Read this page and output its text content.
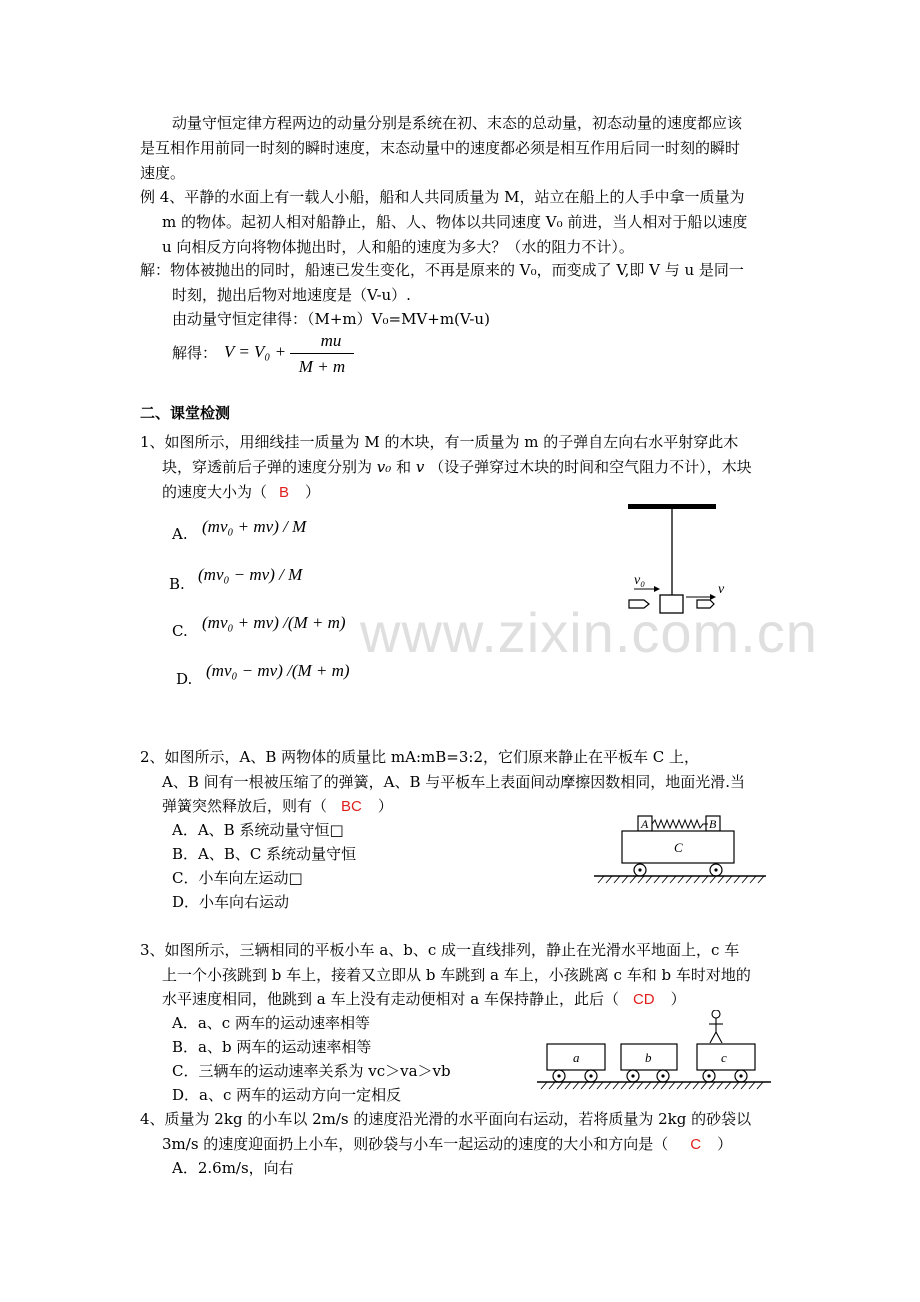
动量守恒定律方程两边的动量分别是系统在初、末态的总动量，初态动量的速度都应该
是互相作用前同一时刻的瞬时速度，末态动量中的速度都必须是相互作用后同一时刻的瞬时
速度。
例 4、平静的水面上有一载人小船，船和人共同质量为 M，站立在船上的人手中拿一质量为
m 的物体。起初人相对船静止，船、人、物体以共同速度 V₀ 前进，当人相对于船以速度
u 向相反方向将物体抛出时，人和船的速度为多大？（水的阻力不计）。
解：物体被抛出的同时，船速已发生变化，不再是原来的 V₀，而变成了 V,即 V 与 u 是同一
时刻，抛出后物对地速度是（V-u）.
由动量守恒定律得：（M+m）V₀=MV+m(V-u)
解得： V = V₀ +
mu
M + m
二、课堂检测
1、如图所示，用细线挂一质量为 M 的木块，有一质量为 m 的子弹自左向右水平射穿此木
块，穿透前后子弹的速度分别为 v₀ 和 v （设子弹穿过木块的时间和空气阻力不计），木块
的速度大小为（ B ）
A. (mv₀ + mv) / M
B. (mv₀ − mv) / M
C. (mv₀ + mv) /(M + m)
D. (mv₀ − mv) /(M + m)
v₀
v
www.zixin.com.cn
2、如图所示，A、B 两物体的质量比 mA:mB=3:2，它们原来静止在平板车 C 上，
A、B 间有一根被压缩了的弹簧，A、B 与平板车上表面间动摩擦因数相同，地面光滑.当
弹簧突然释放后，则有（ BC ）
A．A、B 系统动量守恒□
B．A、B、C 系统动量守恒
C．小车向左运动□
D．小车向右运动
A	B
C
3、如图所示，三辆相同的平板小车 a、b、c 成一直线排列，静止在光滑水平地面上，c 车
上一个小孩跳到 b 车上，接着又立即从 b 车跳到 a 车上，小孩跳离 c 车和 b 车时对地的
水平速度相同，他跳到 a 车上没有走动便相对 a 车保持静止，此后（ CD ）
A．a、c 两车的运动速率相等
B．a、b 两车的运动速率相等
C．三辆车的运动速率关系为 vc＞va＞vb
D．a、c 两车的运动方向一定相反
a	b	c
4、质量为 2kg 的小车以 2m/s 的速度沿光滑的水平面向右运动，若将质量为 2kg 的砂袋以
3m/s 的速度迎面扔上小车，则砂袋与小车一起运动的速度的大小和方向是（ C ）
A．2.6m/s，向右
